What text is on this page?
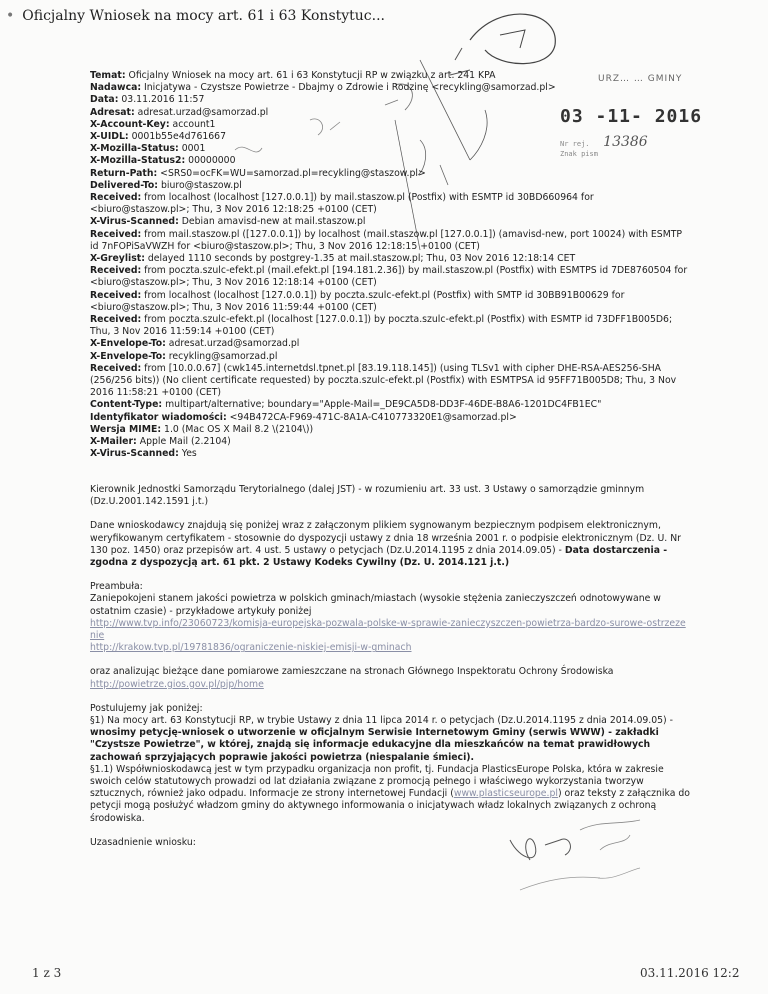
• Oficjalny Wniosek na mocy art. 61 i 63 Konstytuc...
URZ… … GMINY
03 -11- 2016
Nr rej. 13386
Znak pism
Temat: Oficjalny Wniosek na mocy art. 61 i 63 Konstytucji RP w związku z art. 241 KPA
Nadawca: Inicjatywa - Czystsze Powietrze - Dbajmy o Zdrowie i Rodzinę <recykling@samorzad.pl>
Data: 03.11.2016 11:57
Adresat: adresat.urzad@samorzad.pl
X-Account-Key: account1
X-UIDL: 0001b55e4d761667
X-Mozilla-Status: 0001
X-Mozilla-Status2: 00000000
Return-Path: <SRS0=ocFK=WU=samorzad.pl=recykling@staszow.pl>
Delivered-To: biuro@staszow.pl
Received: from localhost (localhost [127.0.0.1]) by mail.staszow.pl (Postfix) with ESMTP id 30BD660964 for <biuro@staszow.pl>; Thu, 3 Nov 2016 12:18:25 +0100 (CET)
X-Virus-Scanned: Debian amavisd-new at mail.staszow.pl
Received: from mail.staszow.pl ([127.0.0.1]) by localhost (mail.staszow.pl [127.0.0.1]) (amavisd-new, port 10024) with ESMTP id 7nFOPiSaVWZH for <biuro@staszow.pl>; Thu, 3 Nov 2016 12:18:15 +0100 (CET)
X-Greylist: delayed 1110 seconds by postgrey-1.35 at mail.staszow.pl; Thu, 03 Nov 2016 12:18:14 CET
Received: from poczta.szulc-efekt.pl (mail.efekt.pl [194.181.2.36]) by mail.staszow.pl (Postfix) with ESMTPS id 7DE8760504 for <biuro@staszow.pl>; Thu, 3 Nov 2016 12:18:14 +0100 (CET)
Received: from localhost (localhost [127.0.0.1]) by poczta.szulc-efekt.pl (Postfix) with SMTP id 30BB91B00629 for <biuro@staszow.pl>; Thu, 3 Nov 2016 11:59:44 +0100 (CET)
Received: from poczta.szulc-efekt.pl (localhost [127.0.0.1]) by poczta.szulc-efekt.pl (Postfix) with ESMTP id 73DFF1B005D6; Thu, 3 Nov 2016 11:59:14 +0100 (CET)
X-Envelope-To: adresat.urzad@samorzad.pl
X-Envelope-To: recykling@samorzad.pl
Received: from [10.0.0.67] (cwk145.internetdsl.tpnet.pl [83.19.118.145]) (using TLSv1 with cipher DHE-RSA-AES256-SHA (256/256 bits)) (No client certificate requested) by poczta.szulc-efekt.pl (Postfix) with ESMTPSA id 95FF71B005D8; Thu, 3 Nov 2016 11:58:21 +0100 (CET)
Content-Type: multipart/alternative; boundary="Apple-Mail=_DE9CA5D8-DD3F-46DE-B8A6-1201DC4FB1EC"
Identyfikator wiadomości: <94B472CA-F969-471C-8A1A-C410773320E1@samorzad.pl>
Wersja MIME: 1.0 (Mac OS X Mail 8.2 \(2104\))
X-Mailer: Apple Mail (2.2104)
X-Virus-Scanned: Yes

Kierownik Jednostki Samorządu Terytorialnego (dalej JST) - w rozumieniu art. 33 ust. 3 Ustawy o samorządzie gminnym (Dz.U.2001.142.1591 j.t.)

Dane wnioskodawcy znajdują się poniżej wraz z załączonym plikiem sygnowanym bezpiecznym podpisem elektronicznym, weryfikowanym certyfikatem - stosownie do dyspozycji ustawy z dnia 18 września 2001 r. o podpisie elektronicznym (Dz. U. Nr 130 poz. 1450) oraz przepisów art. 4 ust. 5 ustawy o petycjach (Dz.U.2014.1195 z dnia 2014.09.05) - Data dostarczenia - zgodna z dyspozycją art. 61 pkt. 2 Ustawy Kodeks Cywilny (Dz. U. 2014.121 j.t.)

Preambuła:
Zaniepokojeni stanem jakości powietrza w polskich gminach/miastach (wysokie stężenia zanieczyszczeń odnotowywane w ostatnim czasie) - przykładowe artykuły poniżej
http://www.tvp.info/23060723/komisja-europejska-pozwala-polske-w-sprawie-zanieczyszczen-powietrza-bardzo-surowe-ostrzezenie
http://krakow.tvp.pl/19781836/ograniczenie-niskiej-emisji-w-gminach

oraz analizując bieżące dane pomiarowe zamieszczane na stronach Głównego Inspektoratu Ochrony Środowiska
http://powietrze.gios.gov.pl/pjp/home

Postulujemy jak poniżej:
§1) Na mocy art. 63 Konstytucji RP, w trybie Ustawy z dnia 11 lipca 2014 r. o petycjach (Dz.U.2014.1195 z dnia 2014.09.05) - wnosimy petycję-wniosek o utworzenie w oficjalnym Serwisie Internetowym Gminy (serwis WWW) - zakładki "Czystsze Powietrze", w której, znajdą się informacje edukacyjne dla mieszkańców na temat prawidłowych zachowań sprzyjających poprawie jakości powietrza (niespalanie śmieci).
§1.1) Współwnioskodawcą jest w tym przypadku organizacja non profit, tj. Fundacja PlasticsEurope Polska, która w zakresie swoich celów statutowych prowadzi od lat działania związane z promocją pełnego i właściwego wykorzystania tworzyw sztucznych, również jako odpadu. Informacje ze strony internetowej Fundacji (www.plasticseurope.pl) oraz teksty z załącznika do petycji mogą posłużyć władzom gminy do aktywnego informowania o inicjatywach władz lokalnych związanych z ochroną środowiska.

Uzasadnienie wniosku:

1 z 3	03.11.2016 12:2
